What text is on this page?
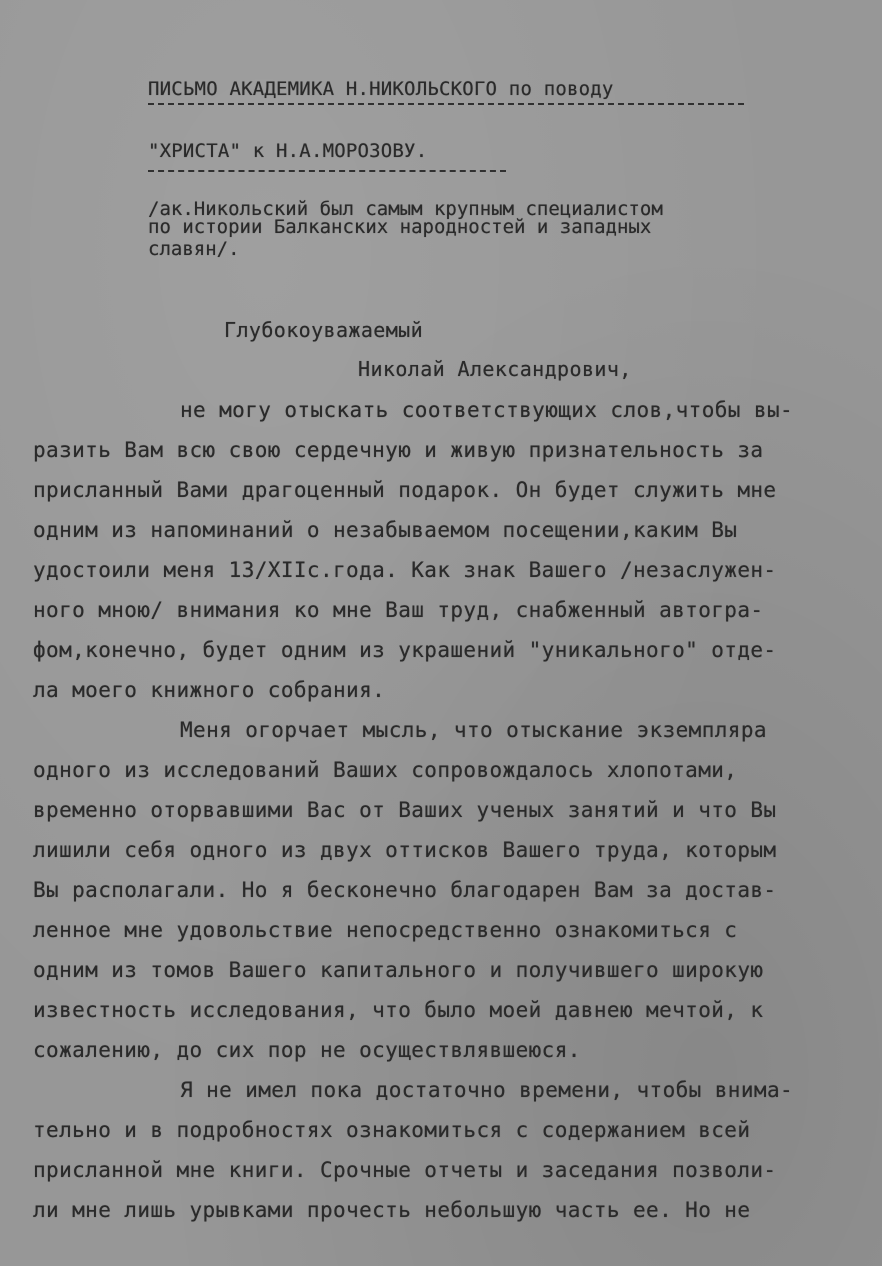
ПИСЬМО АКАДЕМИКА Н.НИКОЛЬСКОГО по поводу
"ХРИСТА" к Н.А.МОРОЗОВУ.
/ак.Никольский был самым крупным специалистом
по истории Балканских народностей и западных
славян/.
Глубокоуважаемый
Николай Александрович,
не могу отыскать соответствующих слов,чтобы вы-
разить Вам всю свою сердечную и живую признательность за
присланный Вами драгоценный подарок. Он будет служить мне
одним из напоминаний о незабываемом посещении,каким Вы
удостоили меня 13/XIIс.года. Как знак Вашего /незаслужен-
ного мною/ внимания ко мне Ваш труд, снабженный автогра-
фом,конечно, будет одним из украшений "уникального" отде-
ла моего книжного собрания.
Меня огорчает мысль, что отыскание экземпляра
одного из исследований Ваших сопровождалось хлопотами,
временно оторвавшими Вас от Ваших ученых занятий и что Вы
лишили себя одного из двух оттисков Вашего труда, которым
Вы располагали. Но я бесконечно благодарен Вам за достав-
ленное мне удовольствие непосредственно ознакомиться с
одним из томов Вашего капитального и получившего широкую
известность исследования, что было моей давнею мечтой, к
сожалению, до сих пор не осуществлявшеюся.
Я не имел пока достаточно времени, чтобы внима-
тельно и в подробностях ознакомиться с содержанием всей
присланной мне книги. Срочные отчеты и заседания позволи-
ли мне лишь урывками прочесть небольшую часть ее. Но не
